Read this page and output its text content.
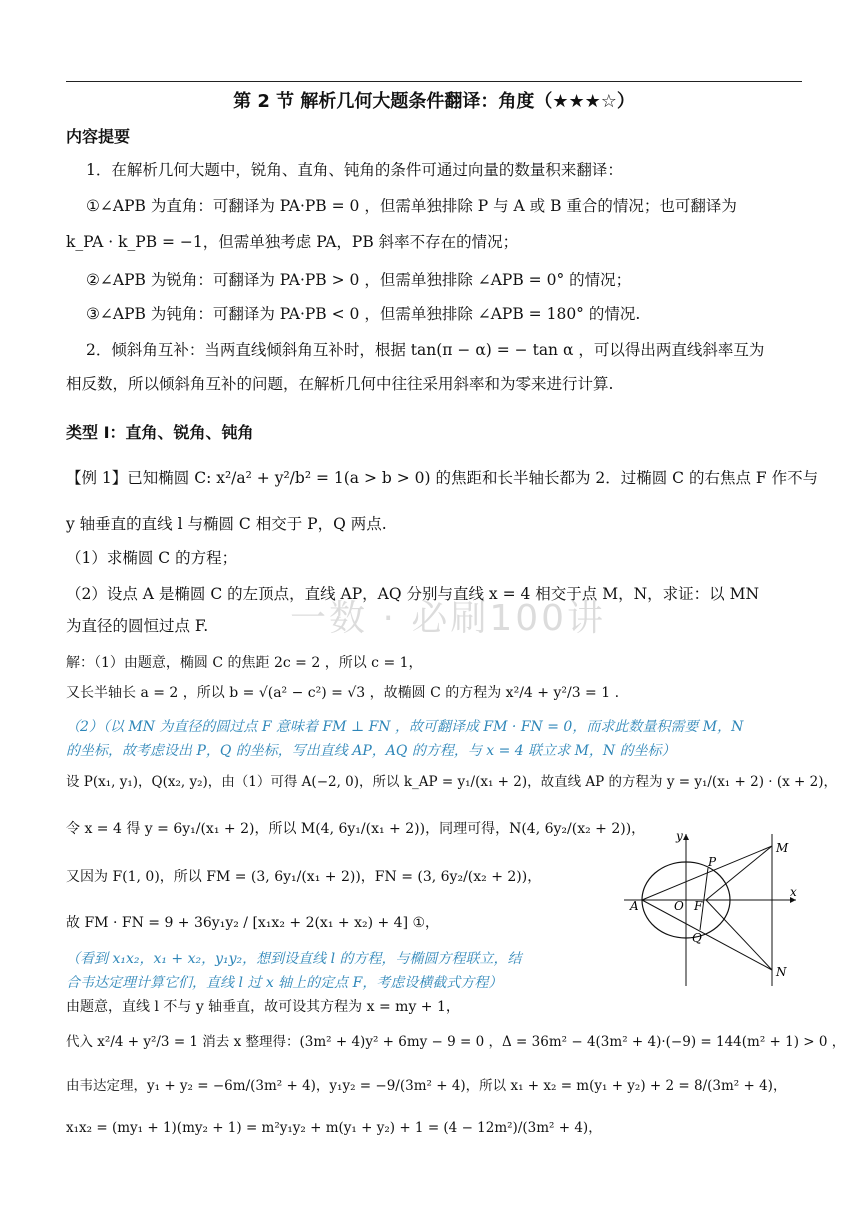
第 2 节 解析几何大题条件翻译：角度（★★★☆）
内容提要
1．在解析几何大题中，锐角、直角、钝角的条件可通过向量的数量积来翻译：
①∠APB 为直角：可翻译为 PA·PB = 0 ，但需单独排除 P 与 A 或 B 重合的情况；也可翻译为
k_PA · k_PB = −1，但需单独考虑 PA，PB 斜率不存在的情况；
②∠APB 为锐角：可翻译为 PA·PB > 0 ，但需单独排除 ∠APB = 0° 的情况；
③∠APB 为钝角：可翻译为 PA·PB < 0 ，但需单独排除 ∠APB = 180° 的情况.
2．倾斜角互补：当两直线倾斜角互补时，根据 tan(π − α) = − tan α ，可以得出两直线斜率互为
相反数，所以倾斜角互补的问题，在解析几何中往往采用斜率和为零来进行计算.
类型 I：直角、锐角、钝角
【例 1】已知椭圆 C: x²/a² + y²/b² = 1(a > b > 0) 的焦距和长半轴长都为 2．过椭圆 C 的右焦点 F 作不与
y 轴垂直的直线 l 与椭圆 C 相交于 P，Q 两点.
（1）求椭圆 C 的方程；
（2）设点 A 是椭圆 C 的左顶点，直线 AP，AQ 分别与直线 x = 4 相交于点 M，N，求证：以 MN
为直径的圆恒过点 F. 一数 · 必刷100讲
解：（1）由题意，椭圆 C 的焦距 2c = 2 ，所以 c = 1，
又长半轴长 a = 2 ，所以 b = √(a² − c²) = √3 ，故椭圆 C 的方程为 x²/4 + y²/3 = 1 .
（2）（以 MN 为直径的圆过点 F 意味着 FM ⊥ FN ，故可翻译成 FM · FN = 0，而求此数量积需要 M，N
的坐标，故考虑设出 P，Q 的坐标，写出直线 AP，AQ 的方程，与 x = 4 联立求 M，N 的坐标）
设 P(x₁, y₁)，Q(x₂, y₂)，由（1）可得 A(−2, 0)，所以 k_AP = y₁/(x₁ + 2)，故直线 AP 的方程为 y = y₁/(x₁ + 2) · (x + 2)，
令 x = 4 得 y = 6y₁/(x₁ + 2)，所以 M(4, 6y₁/(x₁ + 2))，同理可得，N(4, 6y₂/(x₂ + 2))，
又因为 F(1, 0)，所以 FM = (3, 6y₁/(x₁ + 2))，FN = (3, 6y₂/(x₂ + 2))，
故 FM · FN = 9 + 36y₁y₂ / [x₁x₂ + 2(x₁ + x₂) + 4] ①，
（看到 x₁x₂，x₁ + x₂，y₁y₂，想到设直线 l 的方程，与椭圆方程联立，结
合韦达定理计算它们，直线 l 过 x 轴上的定点 F，考虑设横截式方程）
由题意，直线 l 不与 y 轴垂直，故可设其方程为 x = my + 1，
代入 x²/4 + y²/3 = 1 消去 x 整理得：(3m² + 4)y² + 6my − 9 = 0 ，Δ = 36m² − 4(3m² + 4)·(−9) = 144(m² + 1) > 0 ，
由韦达定理，y₁ + y₂ = −6m/(3m² + 4)，y₁y₂ = −9/(3m² + 4)，所以 x₁ + x₂ = m(y₁ + y₂) + 2 = 8/(3m² + 4)，
x₁x₂ = (my₁ + 1)(my₂ + 1) = m²y₁y₂ + m(y₁ + y₂) + 1 = (4 − 12m²)/(3m² + 4)，
y
x
A	O F
P
Q
M
N
